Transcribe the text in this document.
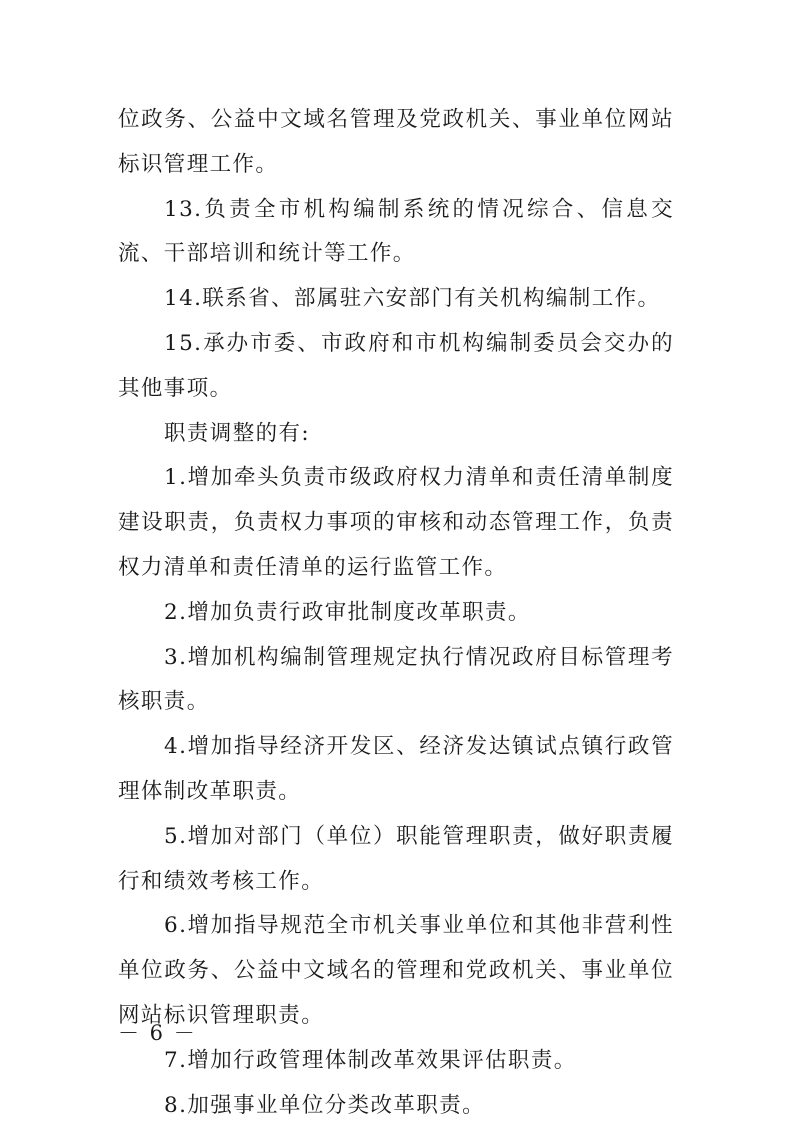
位政务、公益中文域名管理及党政机关、事业单位网站标识管理工作。

13.负责全市机构编制系统的情况综合、信息交流、干部培训和统计等工作。

14.联系省、部属驻六安部门有关机构编制工作。

15.承办市委、市政府和市机构编制委员会交办的其他事项。

职责调整的有:

1.增加牵头负责市级政府权力清单和责任清单制度建设职责，负责权力事项的审核和动态管理工作，负责权力清单和责任清单的运行监管工作。

2.增加负责行政审批制度改革职责。

3.增加机构编制管理规定执行情况政府目标管理考核职责。

4.增加指导经济开发区、经济发达镇试点镇行政管理体制改革职责。

5.增加对部门（单位）职能管理职责，做好职责履行和绩效考核工作。

6.增加指导规范全市机关事业单位和其他非营利性单位政务、公益中文域名的管理和党政机关、事业单位网站标识管理职责。

7.增加行政管理体制改革效果评估职责。

8.加强事业单位分类改革职责。

－ 6 －
